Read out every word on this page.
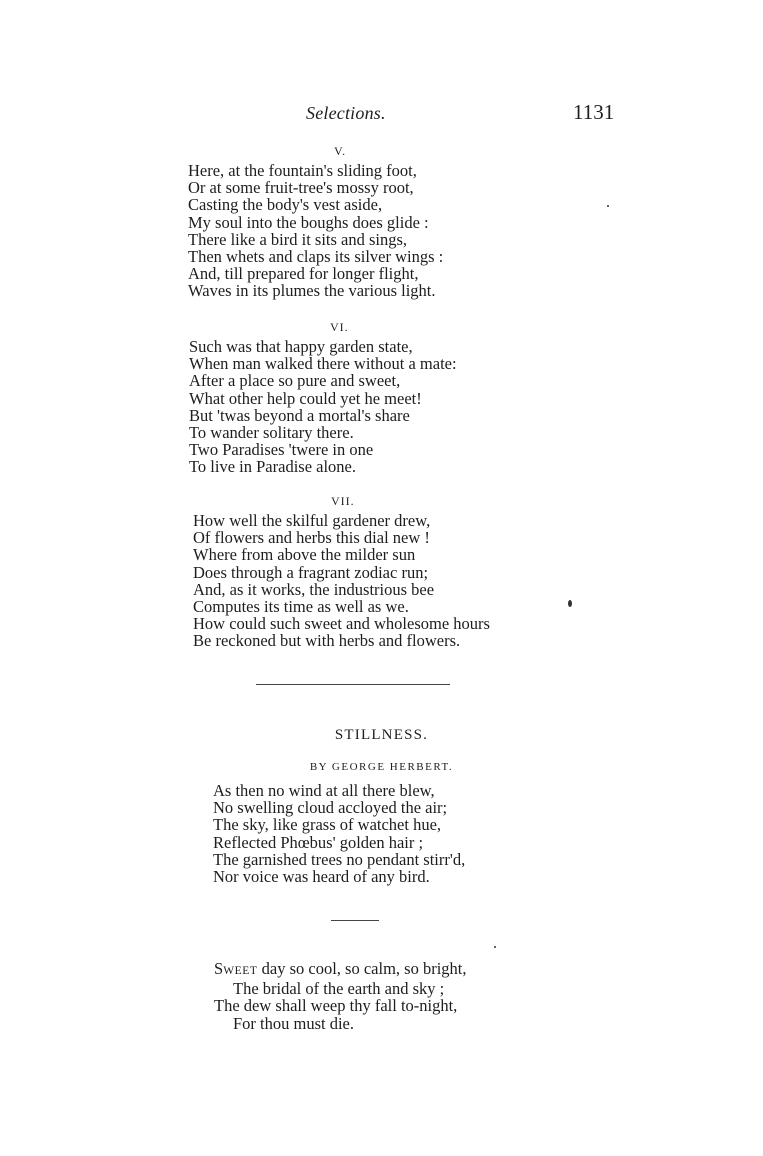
Selections.	1131
V.
Here, at the fountain's sliding foot,
Or at some fruit-tree's mossy root,
Casting the body's vest aside,
My soul into the boughs does glide :
There like a bird it sits and sings,
Then whets and claps its silver wings :
And, till prepared for longer flight,
Waves in its plumes the various light.
VI.
Such was that happy garden state,
When man walked there without a mate:
After a place so pure and sweet,
What other help could yet he meet!
But 'twas beyond a mortal's share
To wander solitary there.
Two Paradises 'twere in one
To live in Paradise alone.
VII.
How well the skilful gardener drew,
Of flowers and herbs this dial new !
Where from above the milder sun
Does through a fragrant zodiac run;
And, as it works, the industrious bee
Computes its time as well as we.
How could such sweet and wholesome hours
Be reckoned but with herbs and flowers.
STILLNESS.
BY GEORGE HERBERT.
As then no wind at all there blew,
No swelling cloud accloyed the air;
The sky, like grass of watchet hue,
Reflected Phœbus' golden hair ;
The garnished trees no pendant stirr'd,
Nor voice was heard of any bird.
SWEET day so cool, so calm, so bright,
The bridal of the earth and sky ;
The dew shall weep thy fall to-night,
For thou must die.
